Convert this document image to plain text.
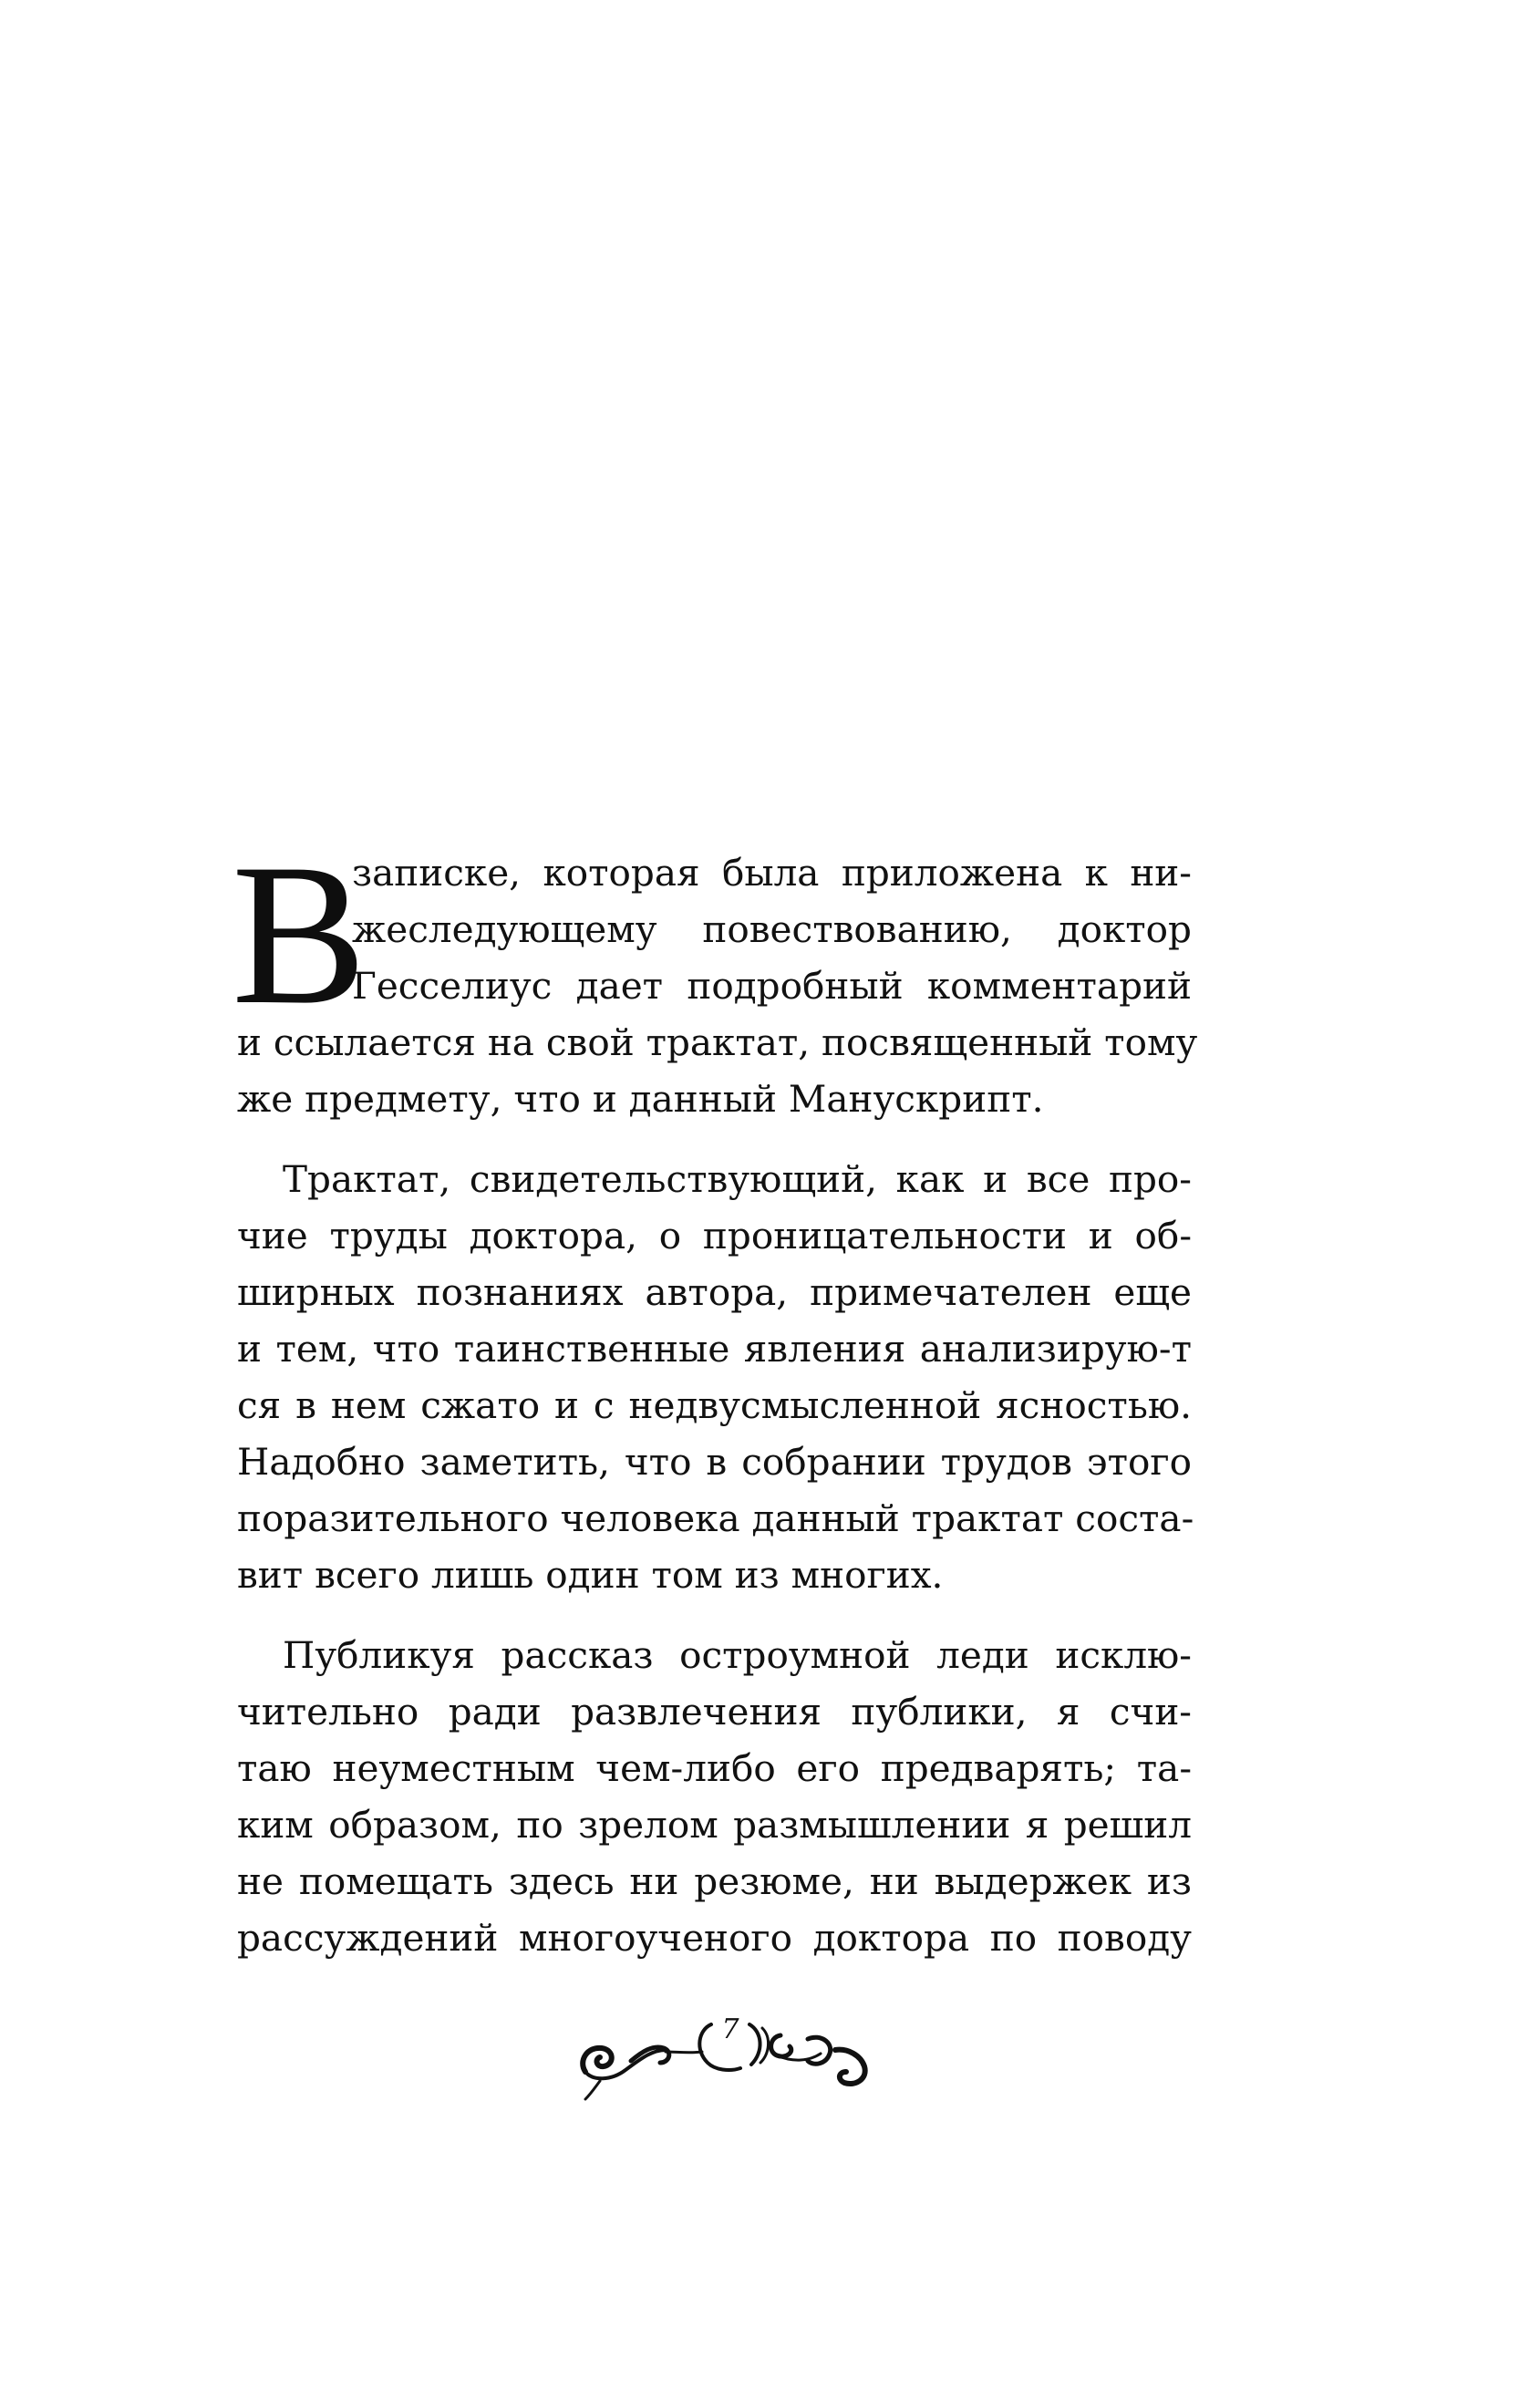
В
записке, которая была приложена к ни-
жеследующему повествованию, доктор
Гесселиус дает подробный комментарий
и ссылается на свой трактат, посвященный тому
же предмету, что и данный Манускрипт.
Трактат, свидетельствующий, как и все про-
чие труды доктора, о проницательности и об-
ширных познаниях автора, примечателен еще
и тем, что таинственные явления анализирую-т
ся в нем сжато и с недвусмысленной ясностью.
Надобно заметить, что в собрании трудов этого
поразительного человека данный трактат соста-
вит всего лишь один том из многих.
Публикуя рассказ остроумной леди исклю-
чительно ради развлечения публики, я счи-
таю неуместным чем-либо его предварять; та-
ким образом, по зрелом размышлении я решил
не помещать здесь ни резюме, ни выдержек из
рассуждений многоученого доктора по поводу
7
